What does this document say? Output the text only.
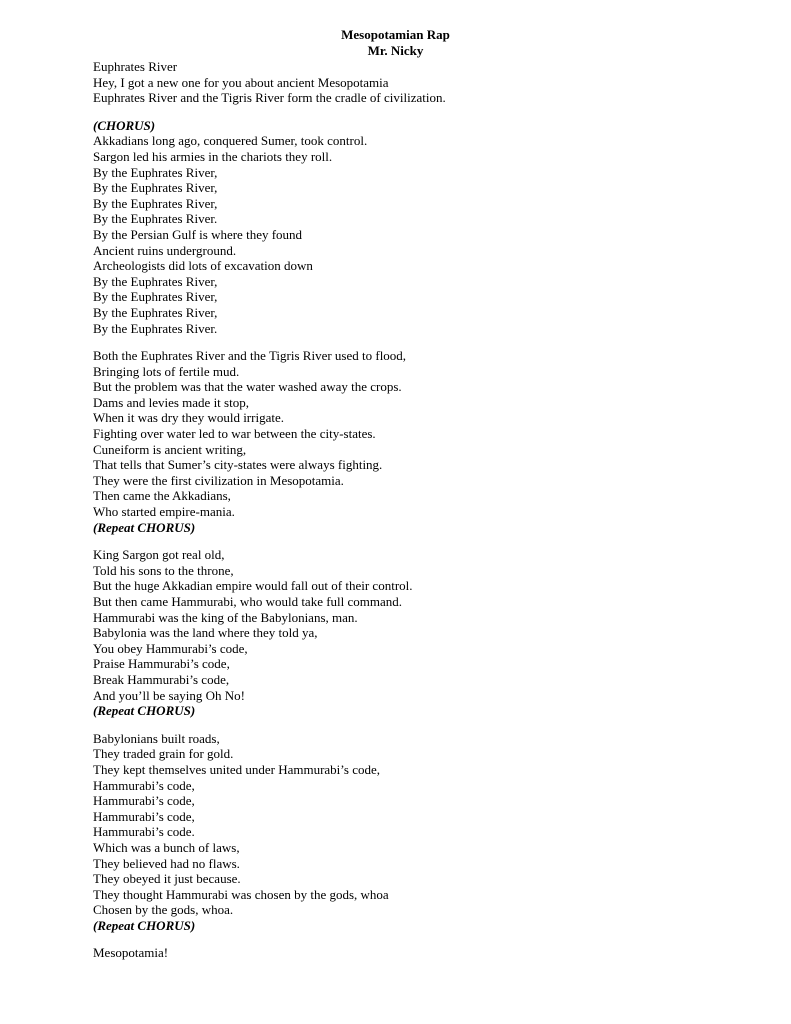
Mesopotamian Rap
Mr. Nicky
Euphrates River
Hey, I got a new one for you about ancient Mesopotamia
Euphrates River and the Tigris River form the cradle of civilization.
(CHORUS)
Akkadians long ago, conquered Sumer, took control.
Sargon led his armies in the chariots they roll.
By the Euphrates River,
By the Euphrates River,
By the Euphrates River,
By the Euphrates River.
By the Persian Gulf is where they found
Ancient ruins underground.
Archeologists did lots of excavation down
By the Euphrates River,
By the Euphrates River,
By the Euphrates River,
By the Euphrates River.
Both the Euphrates River and the Tigris River used to flood,
Bringing lots of fertile mud.
But the problem was that the water washed away the crops.
Dams and levies made it stop,
When it was dry they would irrigate.
Fighting over water led to war between the city-states.
Cuneiform is ancient writing,
That tells that Sumer’s city-states were always fighting.
They were the first civilization in Mesopotamia.
Then came the Akkadians,
Who started empire-mania.
(Repeat CHORUS)
King Sargon got real old,
Told his sons to the throne,
But the huge Akkadian empire would fall out of their control.
But then came Hammurabi, who would take full command.
Hammurabi was the king of the Babylonians, man.
Babylonia was the land where they told ya,
You obey Hammurabi’s code,
Praise Hammurabi’s code,
Break Hammurabi’s code,
And you’ll be saying Oh No!
(Repeat CHORUS)
Babylonians built roads,
They traded grain for gold.
They kept themselves united under Hammurabi’s code,
Hammurabi’s code,
Hammurabi’s code,
Hammurabi’s code,
Hammurabi’s code.
Which was a bunch of laws,
They believed had no flaws.
They obeyed it just because.
They thought Hammurabi was chosen by the gods, whoa
Chosen by the gods, whoa.
(Repeat CHORUS)
Mesopotamia!
